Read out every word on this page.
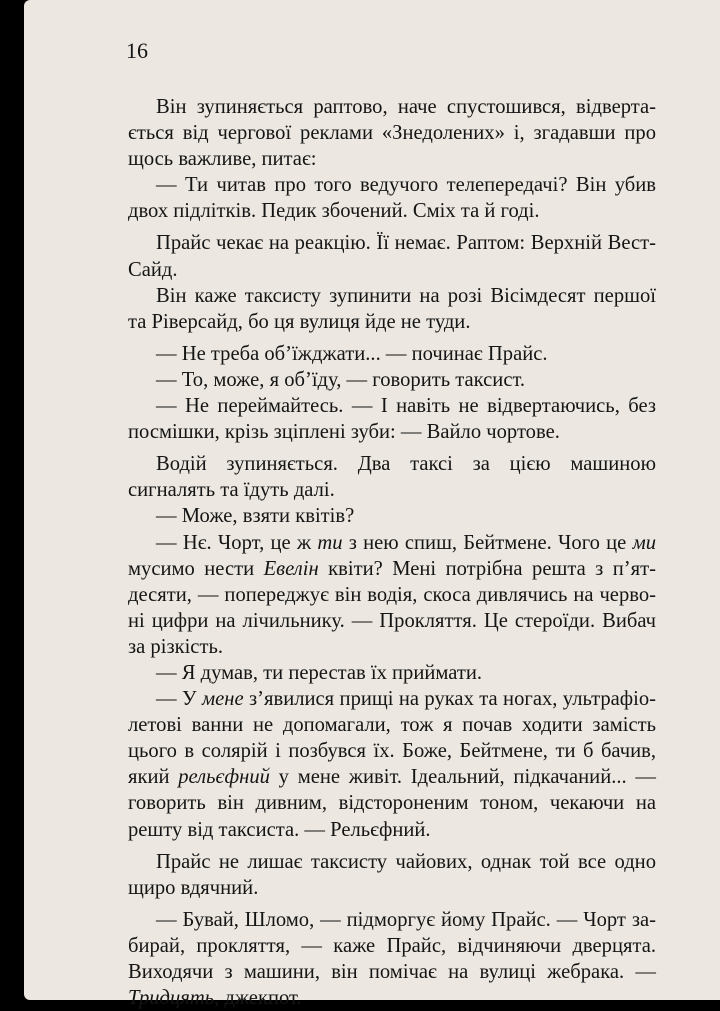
16

Він зупиняється раптово, наче спустошився, відвертається від чергової реклами «Знедолених» і, згадавши про щось важливе, питає:

— Ти читав про того ведучого телепередачі? Він убив двох підлітків. Педик збочений. Сміх та й годі.

Прайс чекає на реакцію. Її немає. Раптом: Верхній Вест-Сайд.

Він каже таксисту зупинити на розі Вісімдесят першої та Ріверсайд, бо ця вулиця йде не туди.

— Не треба об’їжджати... — починає Прайс.

— То, може, я об’їду, — говорить таксист.

— Не переймайтесь. — І навіть не відвертаючись, без посмішки, крізь зціплені зуби: — Вайло чортове.

Водій зупиняється. Два таксі за цією машиною сигналять та їдуть далі.

— Може, взяти квітів?

— Нє. Чорт, це ж ти з нею спиш, Бейтмене. Чого це ми мусимо нести Евелін квіти? Мені потрібна решта з п’ятдесяти, — попереджує він водія, скоса дивлячись на червоні цифри на лічильнику. — Прокляття. Це стероїди. Вибач за різкість.

— Я думав, ти перестав їх приймати.

— У мене з’явилися прищі на руках та ногах, ультрафіолетові ванни не допомагали, тож я почав ходити замість цього в солярій і позбувся їх. Боже, Бейтмене, ти б бачив, який рельєфний у мене живіт. Ідеальний, підкачаний... — говорить він дивним, відстороненим тоном, чекаючи на решту від таксиста. — Рельєфний.

Прайс не лишає таксисту чайових, однак той все одно щиро вдячний.

— Бувай, Шломо, — підморгує йому Прайс. — Чорт забирай, прокляття, — каже Прайс, відчиняючи дверцята. Виходячи з машини, він помічає на вулиці жебрака. — Тридцять, джекпот.
